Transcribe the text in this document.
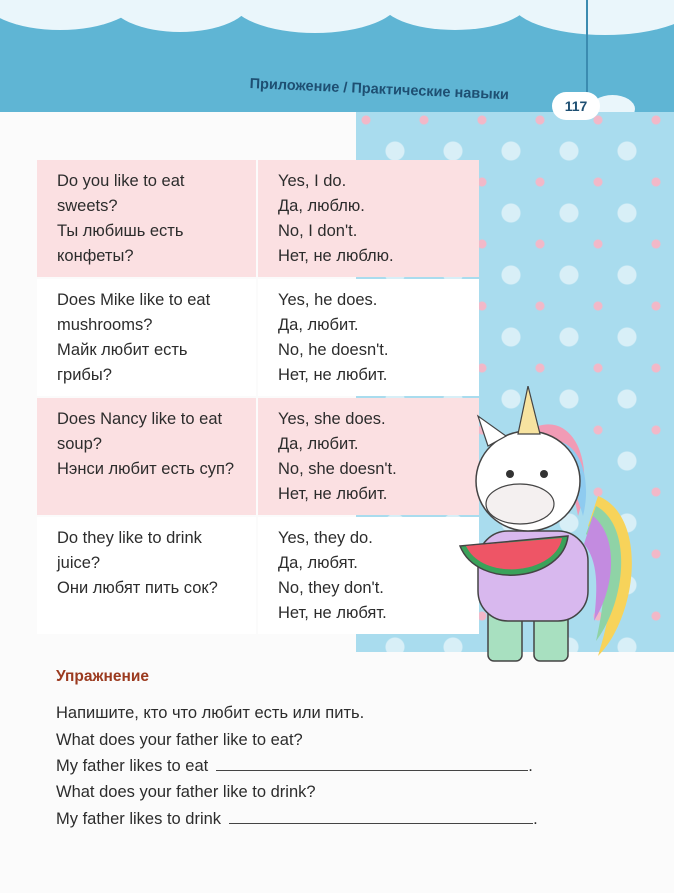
Приложение / Практические навыки
117
Do you like to eat
sweets?
Ты любишь есть
конфеты?
Yes, I do.
Да, люблю.
No, I don't.
Нет, не люблю.
Does Mike like to eat
mushrooms?
Майк любит есть
грибы?
Yes, he does.
Да, любит.
No, he doesn't.
Нет, не любит.
Does Nancy like to eat
soup?
Нэнси любит есть суп?
Yes, she does.
Да, любит.
No, she doesn't.
Нет, не любит.
Do they like to drink
juice?
Они любят пить сок?
Yes, they do.
Да, любят.
No, they don't.
Нет, не любят.
Упражнение
Напишите, кто что любит есть или пить.
What does your father like to eat?
My father likes to eat	.
What does your father like to drink?
My father likes to drink	.
